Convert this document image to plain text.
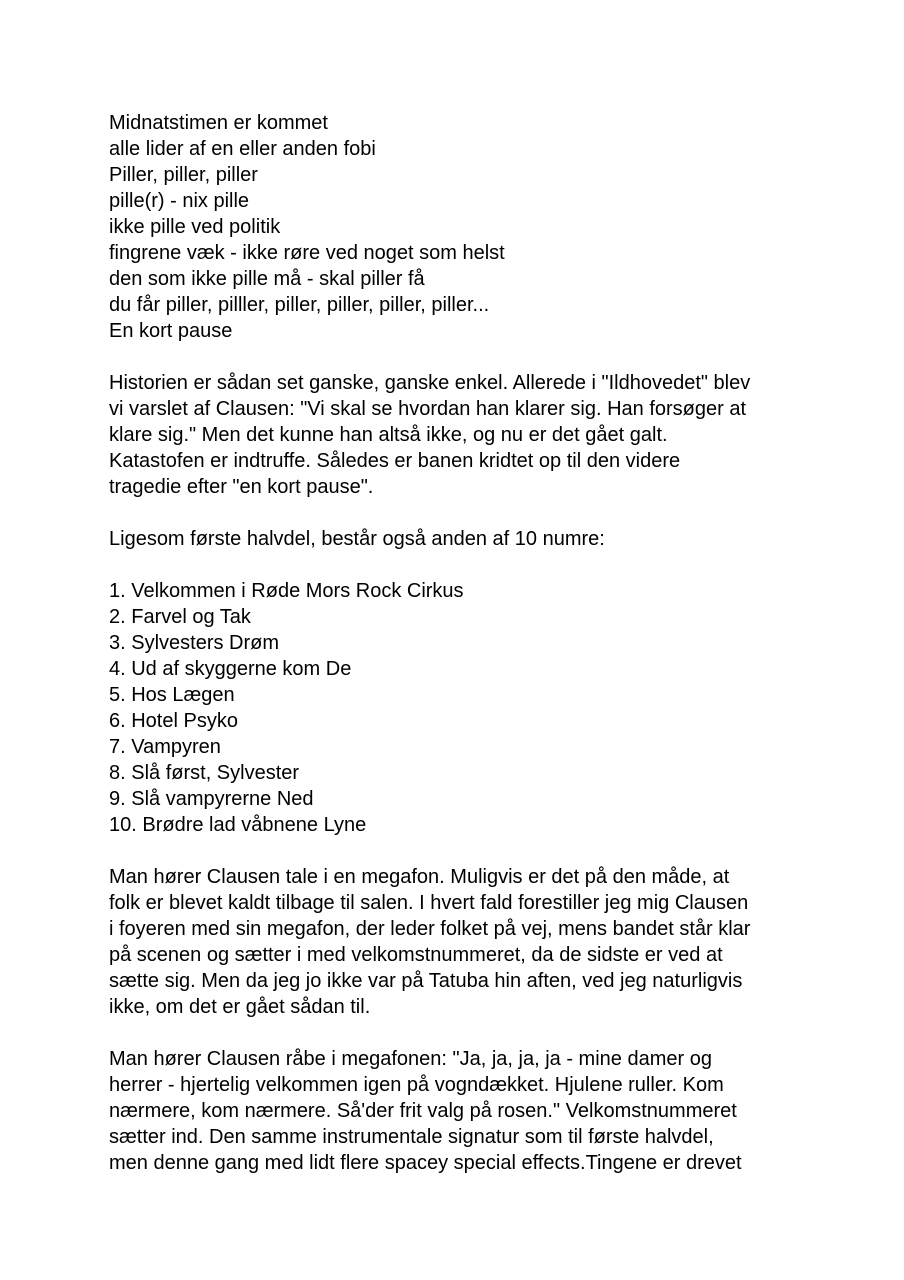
Midnatstimen er kommet
alle lider af en eller anden fobi
Piller, piller, piller
pille(r) - nix pille
ikke pille ved politik
fingrene væk - ikke røre ved noget som helst
den som ikke pille må - skal piller få
du får piller, pilller, piller, piller, piller, piller...
En kort pause
Historien er sådan set ganske, ganske enkel. Allerede i "Ildhovedet" blev
vi varslet af Clausen: "Vi skal se hvordan han klarer sig. Han forsøger at
klare sig." Men det kunne han altså ikke, og nu er det gået galt.
Katastofen er indtruffe. Således er banen kridtet op til den videre
tragedie efter "en kort pause".
Ligesom første halvdel, består også anden af 10 numre:
1. Velkommen i Røde Mors Rock Cirkus
2. Farvel og Tak
3. Sylvesters Drøm
4. Ud af skyggerne kom De
5. Hos Lægen
6. Hotel Psyko
7. Vampyren
8. Slå først, Sylvester
9. Slå vampyrerne Ned
10. Brødre lad våbnene Lyne
Man hører Clausen tale i en megafon. Muligvis er det på den måde, at
folk er blevet kaldt tilbage til salen. I hvert fald forestiller jeg mig Clausen
i foyeren med sin megafon, der leder folket på vej, mens bandet står klar
på scenen og sætter i med velkomstnummeret, da de sidste er ved at
sætte sig. Men da jeg jo ikke var på Tatuba hin aften, ved jeg naturligvis
ikke, om det er gået sådan til.
Man hører Clausen råbe i megafonen: "Ja, ja, ja, ja - mine damer og
herrer - hjertelig velkommen igen på vogndækket. Hjulene ruller. Kom
nærmere, kom nærmere. Så'der frit valg på rosen." Velkomstnummeret
sætter ind. Den samme instrumentale signatur som til første halvdel,
men denne gang med lidt flere spacey special effects.Tingene er drevet
